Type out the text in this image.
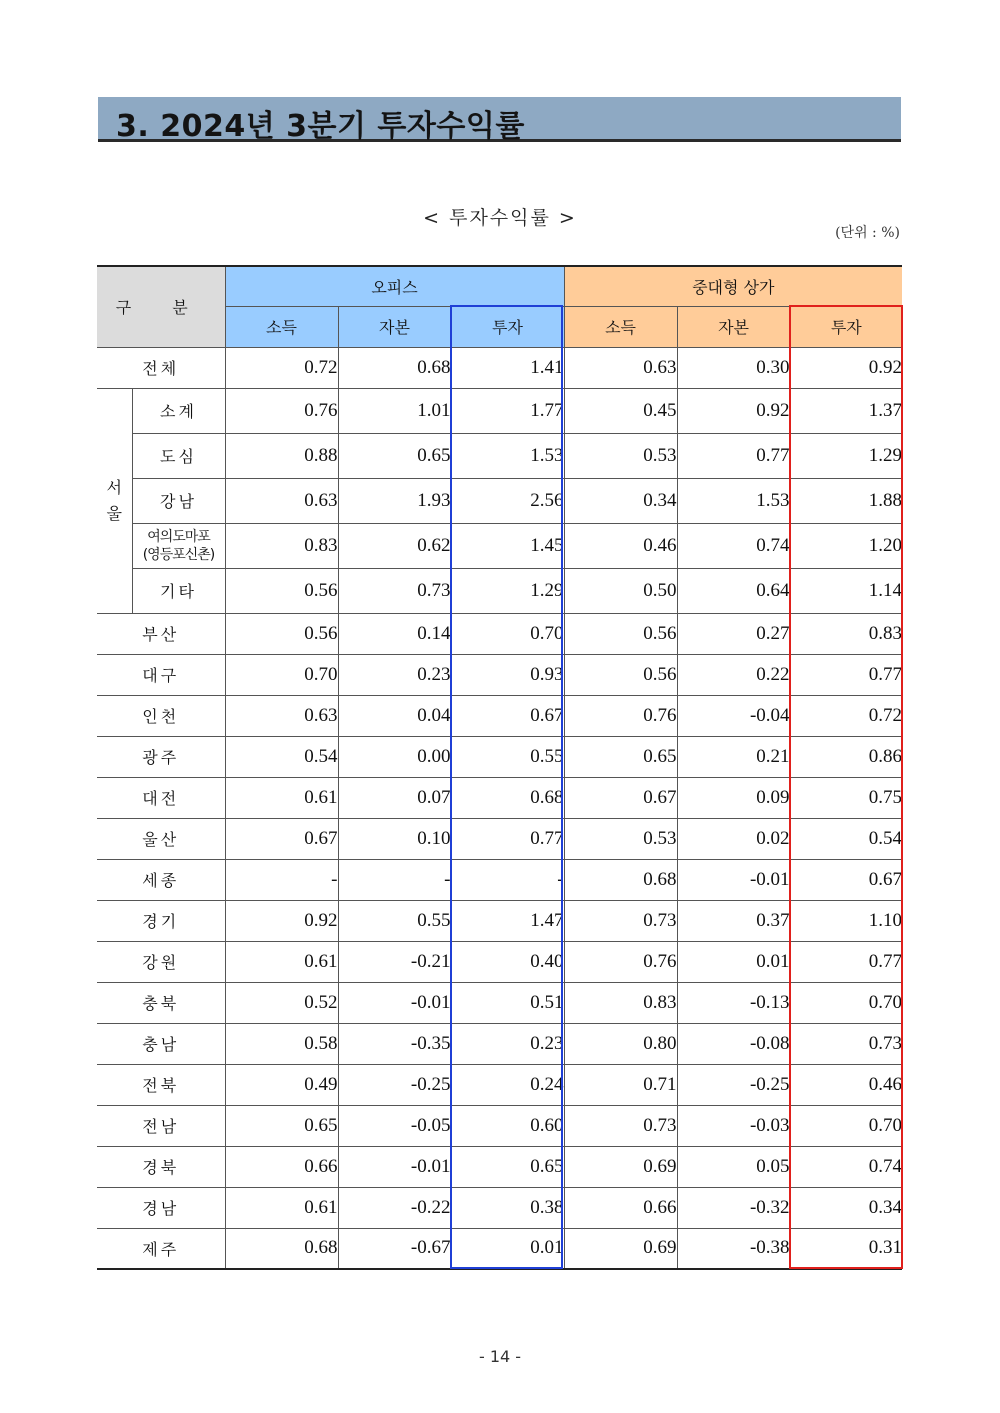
3. 2024년 3분기 투자수익률
< 투자수익률 >
(단위 : %)
구 분		오피스			중대형 상가		
		소득	자본	투자	소득	자본	투자
전체		0.72	0.68	1.41	0.63	0.30	0.92
서
울	소계	0.76	1.01	1.77	0.45	0.92	1.37
	도심	0.88	0.65	1.53	0.53	0.77	1.29
	강남	0.63	1.93	2.56	0.34	1.53	1.88
	여의도마포
(영등포신촌)	0.83	0.62	1.45	0.46	0.74	1.20
	기타	0.56	0.73	1.29	0.50	0.64	1.14
부산		0.56	0.14	0.70	0.56	0.27	0.83
대구		0.70	0.23	0.93	0.56	0.22	0.77
인천		0.63	0.04	0.67	0.76	-0.04	0.72
광주		0.54	0.00	0.55	0.65	0.21	0.86
대전		0.61	0.07	0.68	0.67	0.09	0.75
울산		0.67	0.10	0.77	0.53	0.02	0.54
세종		-	-	-	0.68	-0.01	0.67
경기		0.92	0.55	1.47	0.73	0.37	1.10
강원		0.61	-0.21	0.40	0.76	0.01	0.77
충북		0.52	-0.01	0.51	0.83	-0.13	0.70
충남		0.58	-0.35	0.23	0.80	-0.08	0.73
전북		0.49	-0.25	0.24	0.71	-0.25	0.46
전남		0.65	-0.05	0.60	0.73	-0.03	0.70
경북		0.66	-0.01	0.65	0.69	0.05	0.74
경남		0.61	-0.22	0.38	0.66	-0.32	0.34
제주		0.68	-0.67	0.01	0.69	-0.38	0.31
- 14 -
